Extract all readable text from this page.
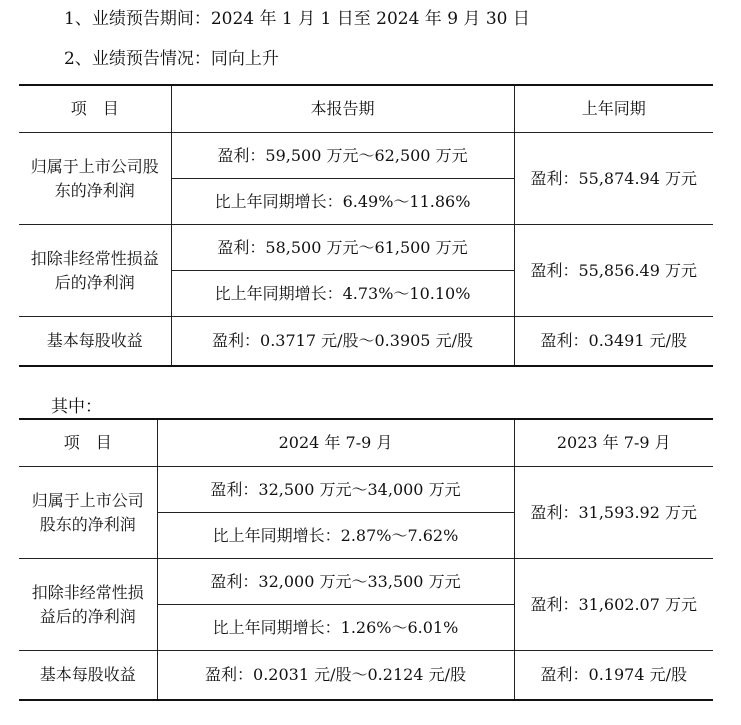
1、业绩预告期间：2024 年 1 月 1 日至 2024 年 9 月 30 日
2、业绩预告情况：同向上升
项　目	本报告期	上年同期
归属于上市公司股东的净利润	盈利：59,500 万元～62,500 万元	盈利：55,874.94 万元
	比上年同期增长：6.49%～11.86%	
扣除非经常性损益后的净利润	盈利：58,500 万元～61,500 万元	盈利：55,856.49 万元
	比上年同期增长：4.73%～10.10%	
基本每股收益	盈利：0.3717 元/股～0.3905 元/股	盈利：0.3491 元/股
其中：
项　目	2024 年 7-9 月	2023 年 7-9 月
归属于上市公司股东的净利润	盈利：32,500 万元～34,000 万元	盈利：31,593.92 万元
	比上年同期增长：2.87%～7.62%	
扣除非经常性损益后的净利润	盈利：32,000 万元～33,500 万元	盈利：31,602.07 万元
	比上年同期增长：1.26%～6.01%	
基本每股收益	盈利：0.2031 元/股～0.2124 元/股	盈利：0.1974 元/股
